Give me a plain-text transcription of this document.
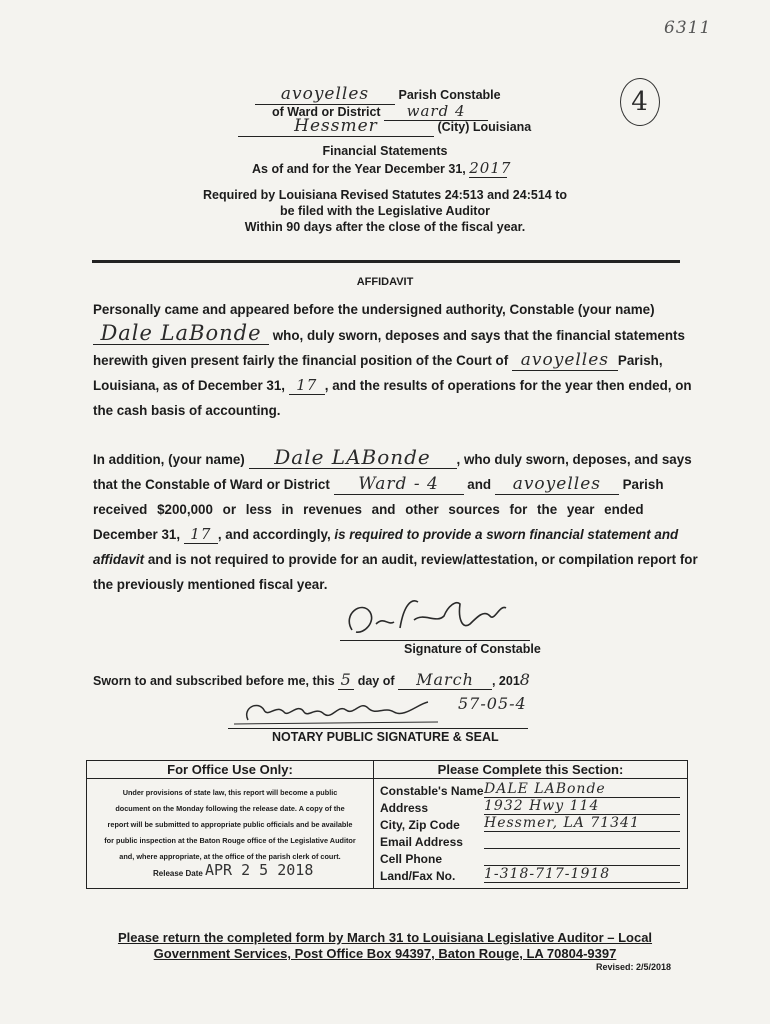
6311
4
avoyelles Parish Constable
of Ward or District ward 4
Hessmer	(City) Louisiana
Financial Statements
As of and for the Year December 31, 2017
Required by Louisiana Revised Statutes 24:513 and 24:514 to
be filed with the Legislative Auditor
Within 90 days after the close of the fiscal year.
AFFIDAVIT
Personally came and appeared before the undersigned authority, Constable (your name)
Dale LaBonde who, duly sworn, deposes and says that the financial statements
herewith given present fairly the financial position of the Court of avoyelles Parish,
Louisiana, as of December 31, 17 , and the results of operations for the year then ended, on
the cash basis of accounting.
In addition, (your name) Dale LABonde , who duly sworn, deposes, and says
that the Constable of Ward or District Ward - 4 and avoyelles Parish
received $200,000 or less in revenues and other sources for the year ended
December 31, 17 , and accordingly, is required to provide a sworn financial statement and
affidavit and is not required to provide for an audit, review/attestation, or compilation report for
the previously mentioned fiscal year.
Signature of Constable
Sworn to and subscribed before me, this 5 day of March , 2018
57-05-4
NOTARY PUBLIC SIGNATURE & SEAL
For Office Use Only:
Under provisions of state law, this report will become a public
document on the Monday following the release date. A copy of the
report will be submitted to appropriate public officials and be available
for public inspection at the Baton Rouge office of the Legislative Auditor
and, where appropriate, at the office of the parish clerk of court.
Release Date APR 2 5 2018
Please Complete this Section:
Constable's Name DALE LABonde
Address	1932 Hwy 114
City, Zip Code	Hessmer, LA 71341
Email Address
Cell Phone
Land/Fax No.	1-318-717-1918
Please return the completed form by March 31 to Louisiana Legislative Auditor – Local
Government Services, Post Office Box 94397, Baton Rouge, LA 70804-9397
Revised: 2/5/2018
